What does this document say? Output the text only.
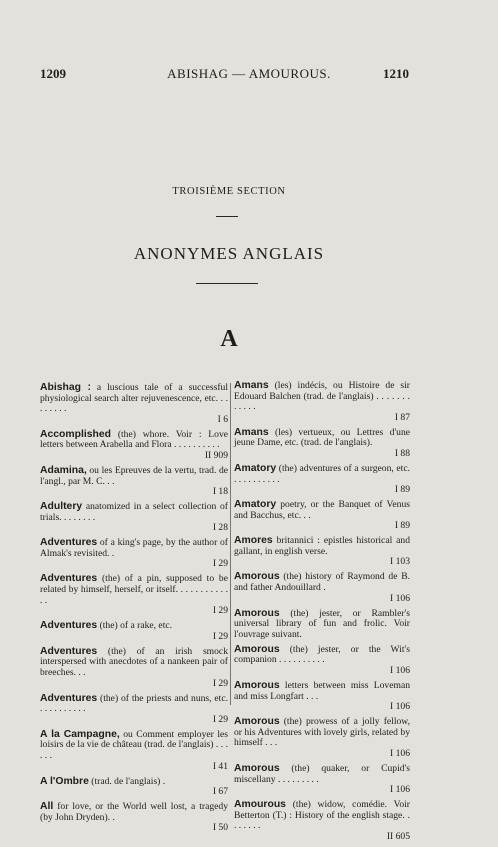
1209	ABISHAG — AMOUROUS.	1210
TROISIÈME SECTION
ANONYMES ANGLAIS
A
Abishag : a luscious tale of a successful physiological search alter rejuvenescence, etc. . . . . . . . .
I 6
Accomplished (the) whore. Voir : Love letters between Arabella and Flora . . . . . . . . . .
II 909
Adamina, ou les Epreuves de la vertu, trad. de l'angl., par M. C. . .
I 18
Adultery anatomized in a select collection of trials. . . . . . . .
I 28
Adventures of a king's page, by the author of Almak's revisited. .
I 29
Adventures (the) of a pin, supposed to be related by himself, herself, or itself. . . . . . . . . . . . .
I 29
Adventures (the) of a rake, etc.
I 29
Adventures (the) of an irish smock interspersed with anecdotes of a nankeen pair of breeches. . .
I 29
Adventures (the) of the priests and nuns, etc. . . . . . . . . . .
I 29
A la Campagne, ou Comment employer les loisirs de la vie de château (trad. de l'anglais) . . . . . .
I 41
A l'Ombre (trad. de l'anglais) .
I 67
All for love, or the World well lost, a tragedy (by John Dryden). .
I 50
Amans (les) indécis, ou Histoire de sir Edouard Balchen (trad. de l'anglais) . . . . . . . . . . . .
I 87
Amans (les) vertueux, ou Lettres d'une jeune Dame, etc. (trad. de l'anglais).
I 88
Amatory (the) adventures of a surgeon, etc. . . . . . . . . . .
I 89
Amatory poetry, or the Banquet of Venus and Bacchus, etc. . .
I 89
Amores britannici : epistles historical and gallant, in english verse.
I 103
Amorous (the) history of Raymond de B. and father Andouillard .
I 106
Amorous (the) jester, or Rambler's universal library of fun and frolic. Voir l'ouvrage suivant.
Amorous (the) jester, or the Wit's companion . . . . . . . . . .
I 106
Amorous letters between miss Loveman and miss Longfart . . .
I 106
Amorous (the) prowess of a jolly fellow, or his Adventures with lovely girls, related by himself . . .
I 106
Amorous (the) quaker, or Cupid's miscellany . . . . . . . . .
I 106
Amourous (the) widow, comédie. Voir Betterton (T.) : History of the english stage. . . . . . . .
II 605
